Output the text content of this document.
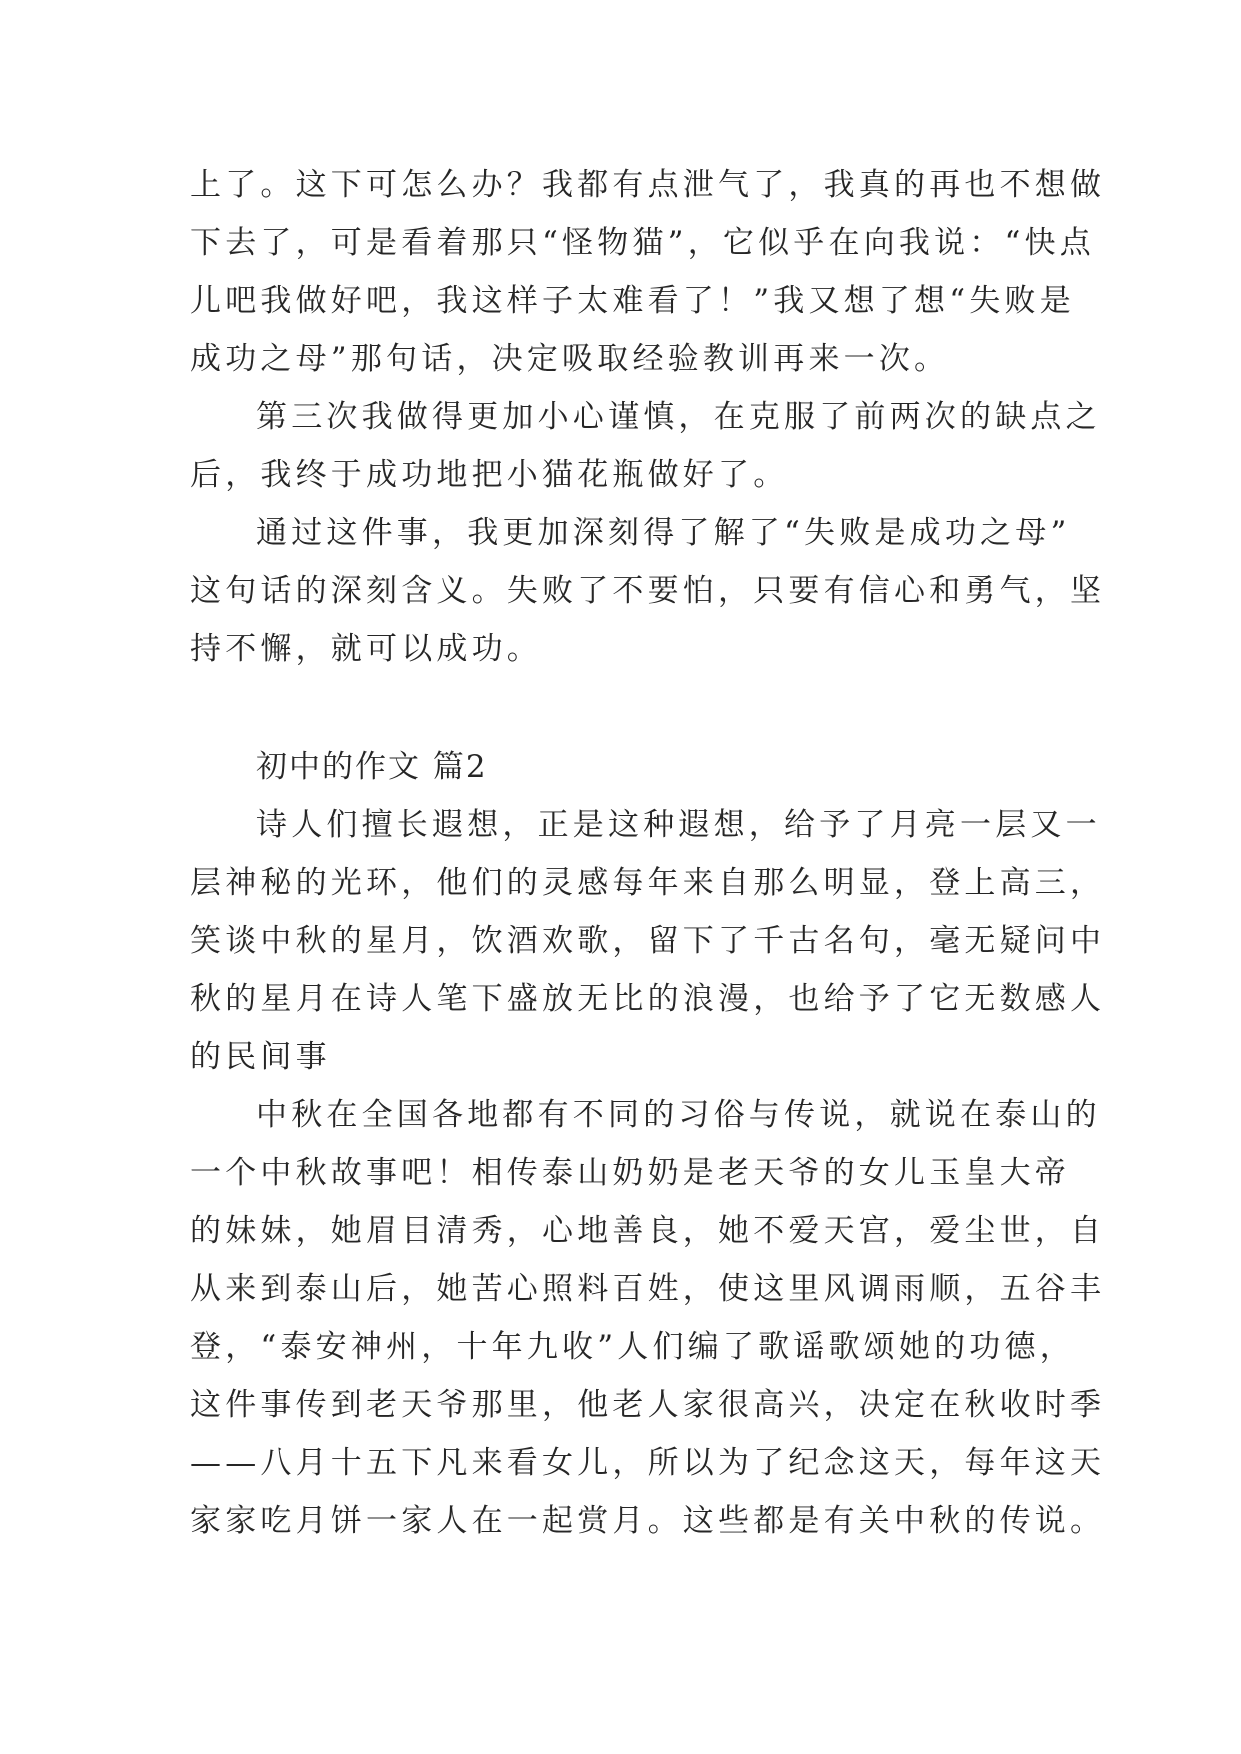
上了。这下可怎么办？我都有点泄气了，我真的再也不想做
下去了，可是看着那只“怪物猫”，它似乎在向我说：“快点
儿吧我做好吧，我这样子太难看了！”我又想了想“失败是
成功之母”那句话，决定吸取经验教训再来一次。
第三次我做得更加小心谨慎，在克服了前两次的缺点之
后，我终于成功地把小猫花瓶做好了。
通过这件事，我更加深刻得了解了“失败是成功之母”
这句话的深刻含义。失败了不要怕，只要有信心和勇气，坚
持不懈，就可以成功。
初中的作文 篇2
诗人们擅长遐想，正是这种遐想，给予了月亮一层又一
层神秘的光环，他们的灵感每年来自那么明显，登上高三，
笑谈中秋的星月，饮酒欢歌，留下了千古名句，毫无疑问中
秋的星月在诗人笔下盛放无比的浪漫，也给予了它无数感人
的民间事
中秋在全国各地都有不同的习俗与传说，就说在泰山的
一个中秋故事吧！相传泰山奶奶是老天爷的女儿玉皇大帝
的妹妹，她眉目清秀，心地善良，她不爱天宫，爱尘世，自
从来到泰山后，她苦心照料百姓，使这里风调雨顺，五谷丰
登，“泰安神州，十年九收”人们编了歌谣歌颂她的功德，
这件事传到老天爷那里，他老人家很高兴，决定在秋收时季
——八月十五下凡来看女儿，所以为了纪念这天，每年这天
家家吃月饼一家人在一起赏月。这些都是有关中秋的传说。
